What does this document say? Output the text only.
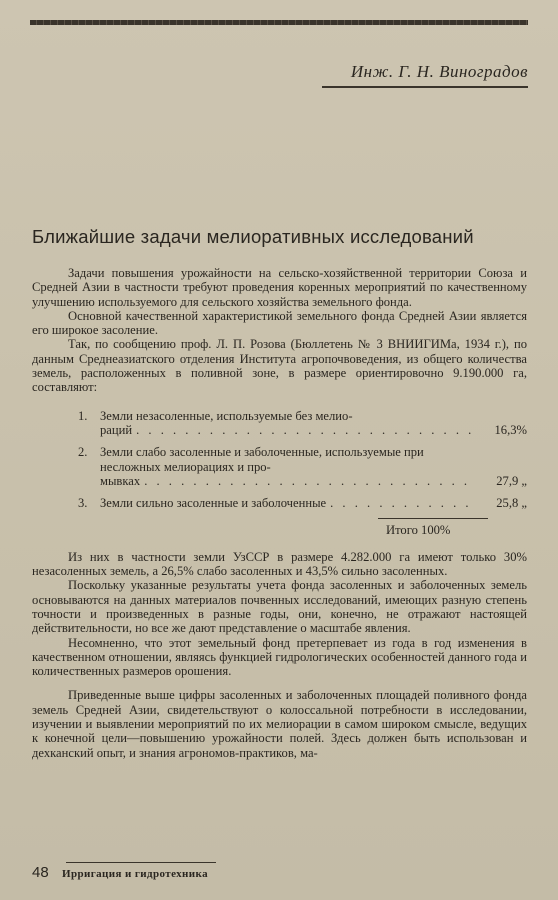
Инж. Г. Н. Виноградов
Ближайшие задачи мелиоративных исследований

Задачи повышения урожайности на сельско-хозяйственной территории Союза и Средней Азии в частности требуют проведения коренных мероприятий по качественному улучшению используемого для сельского хозяйства земельного фонда.

Основной качественной характеристикой земельного фонда Средней Азии является его широкое засоление.

Так, по сообщению проф. Л. П. Розова (Бюллетень № 3 ВНИИГИМа, 1934 г.), по данным Среднеазиатского отделения Института агропочвоведения, из общего количества земель, расположенных в поливной зоне, в размере ориентировочно 9.190.000 га, составляют:

1. Земли незасоленные, используемые без мелио-
раций . . .	16,3%
2. Земли слабо засоленные и заболоченные, используемые при несложных мелиорациях и про-
мывках . . .	27,9 „
3. Земли сильно засоленные и заболоченные . . .	25,8 „
Итого 100%

Из них в частности земли УзССР в размере 4.282.000 га имеют только 30% незасоленных земель, а 26,5% слабо засоленных и 43,5% сильно засоленных.

Поскольку указанные результаты учета фонда засоленных и заболоченных земель основываются на данных материалов почвенных исследований, имеющих разную степень точности и произведенных в разные годы, они, конечно, не отражают настоящей действительности, но все же дают представление о масштабе явления.

Несомненно, что этот земельный фонд претерпевает из года в год изменения в качественном отношении, являясь функцией гидрологических особенностей данного года и количественных размеров орошения.

Приведенные выше цифры засоленных и заболоченных площадей поливного фонда земель Средней Азии, свидетельствуют о колоссальной потребности в исследовании, изучении и выявлении мероприятий по их мелиорации в самом широком смысле, ведущих к конечной цели—повышению урожайности полей. Здесь должен быть использован и дехканский опыт, и знания агрономов-практиков, ма-

48 Ирригация и гидротехника
